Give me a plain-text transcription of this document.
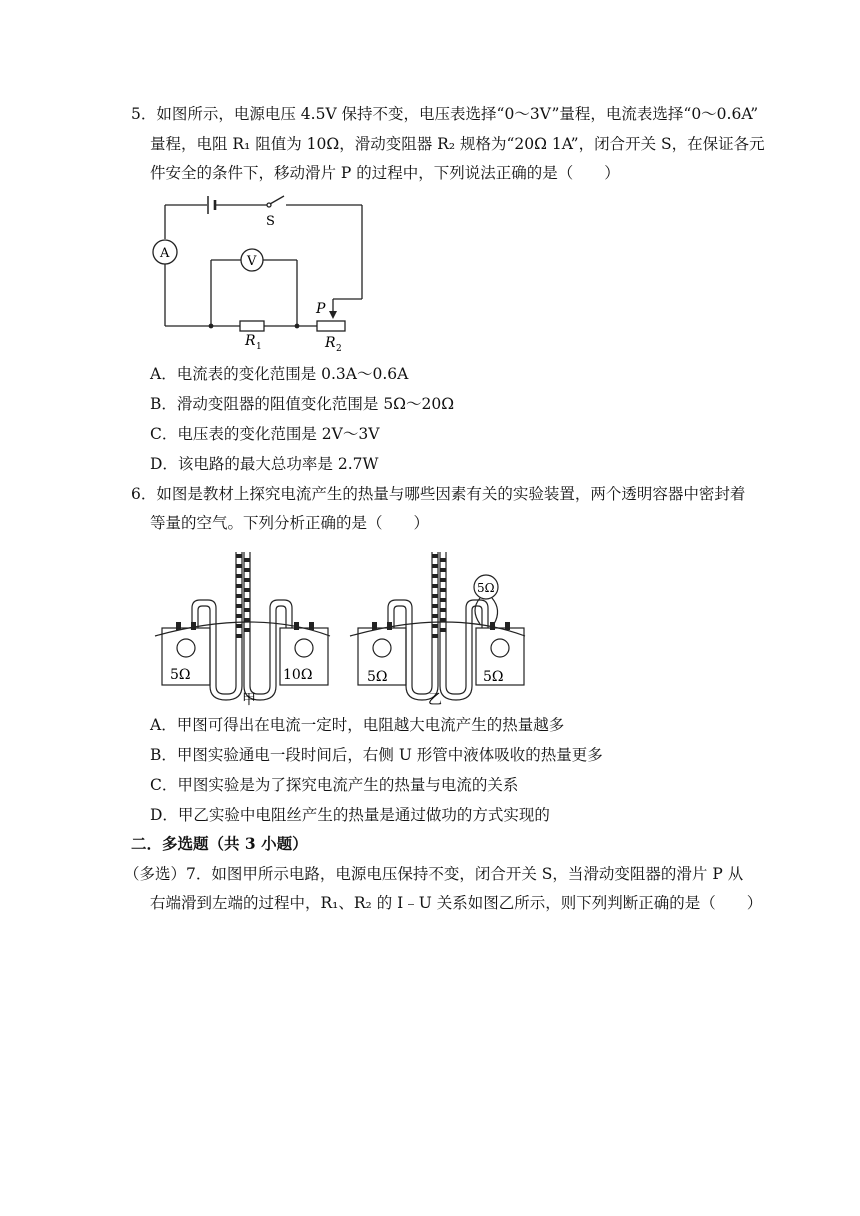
5．如图所示，电源电压 4.5V 保持不变，电压表选择“0～3V”量程，电流表选择“0～0.6A”
量程，电阻 R₁ 阻值为 10Ω，滑动变阻器 R₂ 规格为“20Ω 1A”，闭合开关 S，在保证各元
件安全的条件下，移动滑片 P 的过程中，下列说法正确的是（　　）
A
V
S
R 1	R 2
P
A．电流表的变化范围是 0.3A～0.6A
B．滑动变阻器的阻值变化范围是 5Ω～20Ω
C．电压表的变化范围是 2V～3V
D．该电路的最大总功率是 2.7W
6．如图是教材上探究电流产生的热量与哪些因素有关的实验装置，两个透明容器中密封着
等量的空气。下列分析正确的是（　　）
5Ω	10Ω
甲
5Ω	5Ω
5Ω
乙
A．甲图可得出在电流一定时，电阻越大电流产生的热量越多
B．甲图实验通电一段时间后，右侧 U 形管中液体吸收的热量更多
C．甲图实验是为了探究电流产生的热量与电流的关系
D．甲乙实验中电阻丝产生的热量是通过做功的方式实现的
二．多选题（共 3 小题）
（多选）7．如图甲所示电路，电源电压保持不变，闭合开关 S，当滑动变阻器的滑片 P 从
右端滑到左端的过程中，R₁、R₂ 的 I﹣U 关系如图乙所示，则下列判断正确的是（　　）
